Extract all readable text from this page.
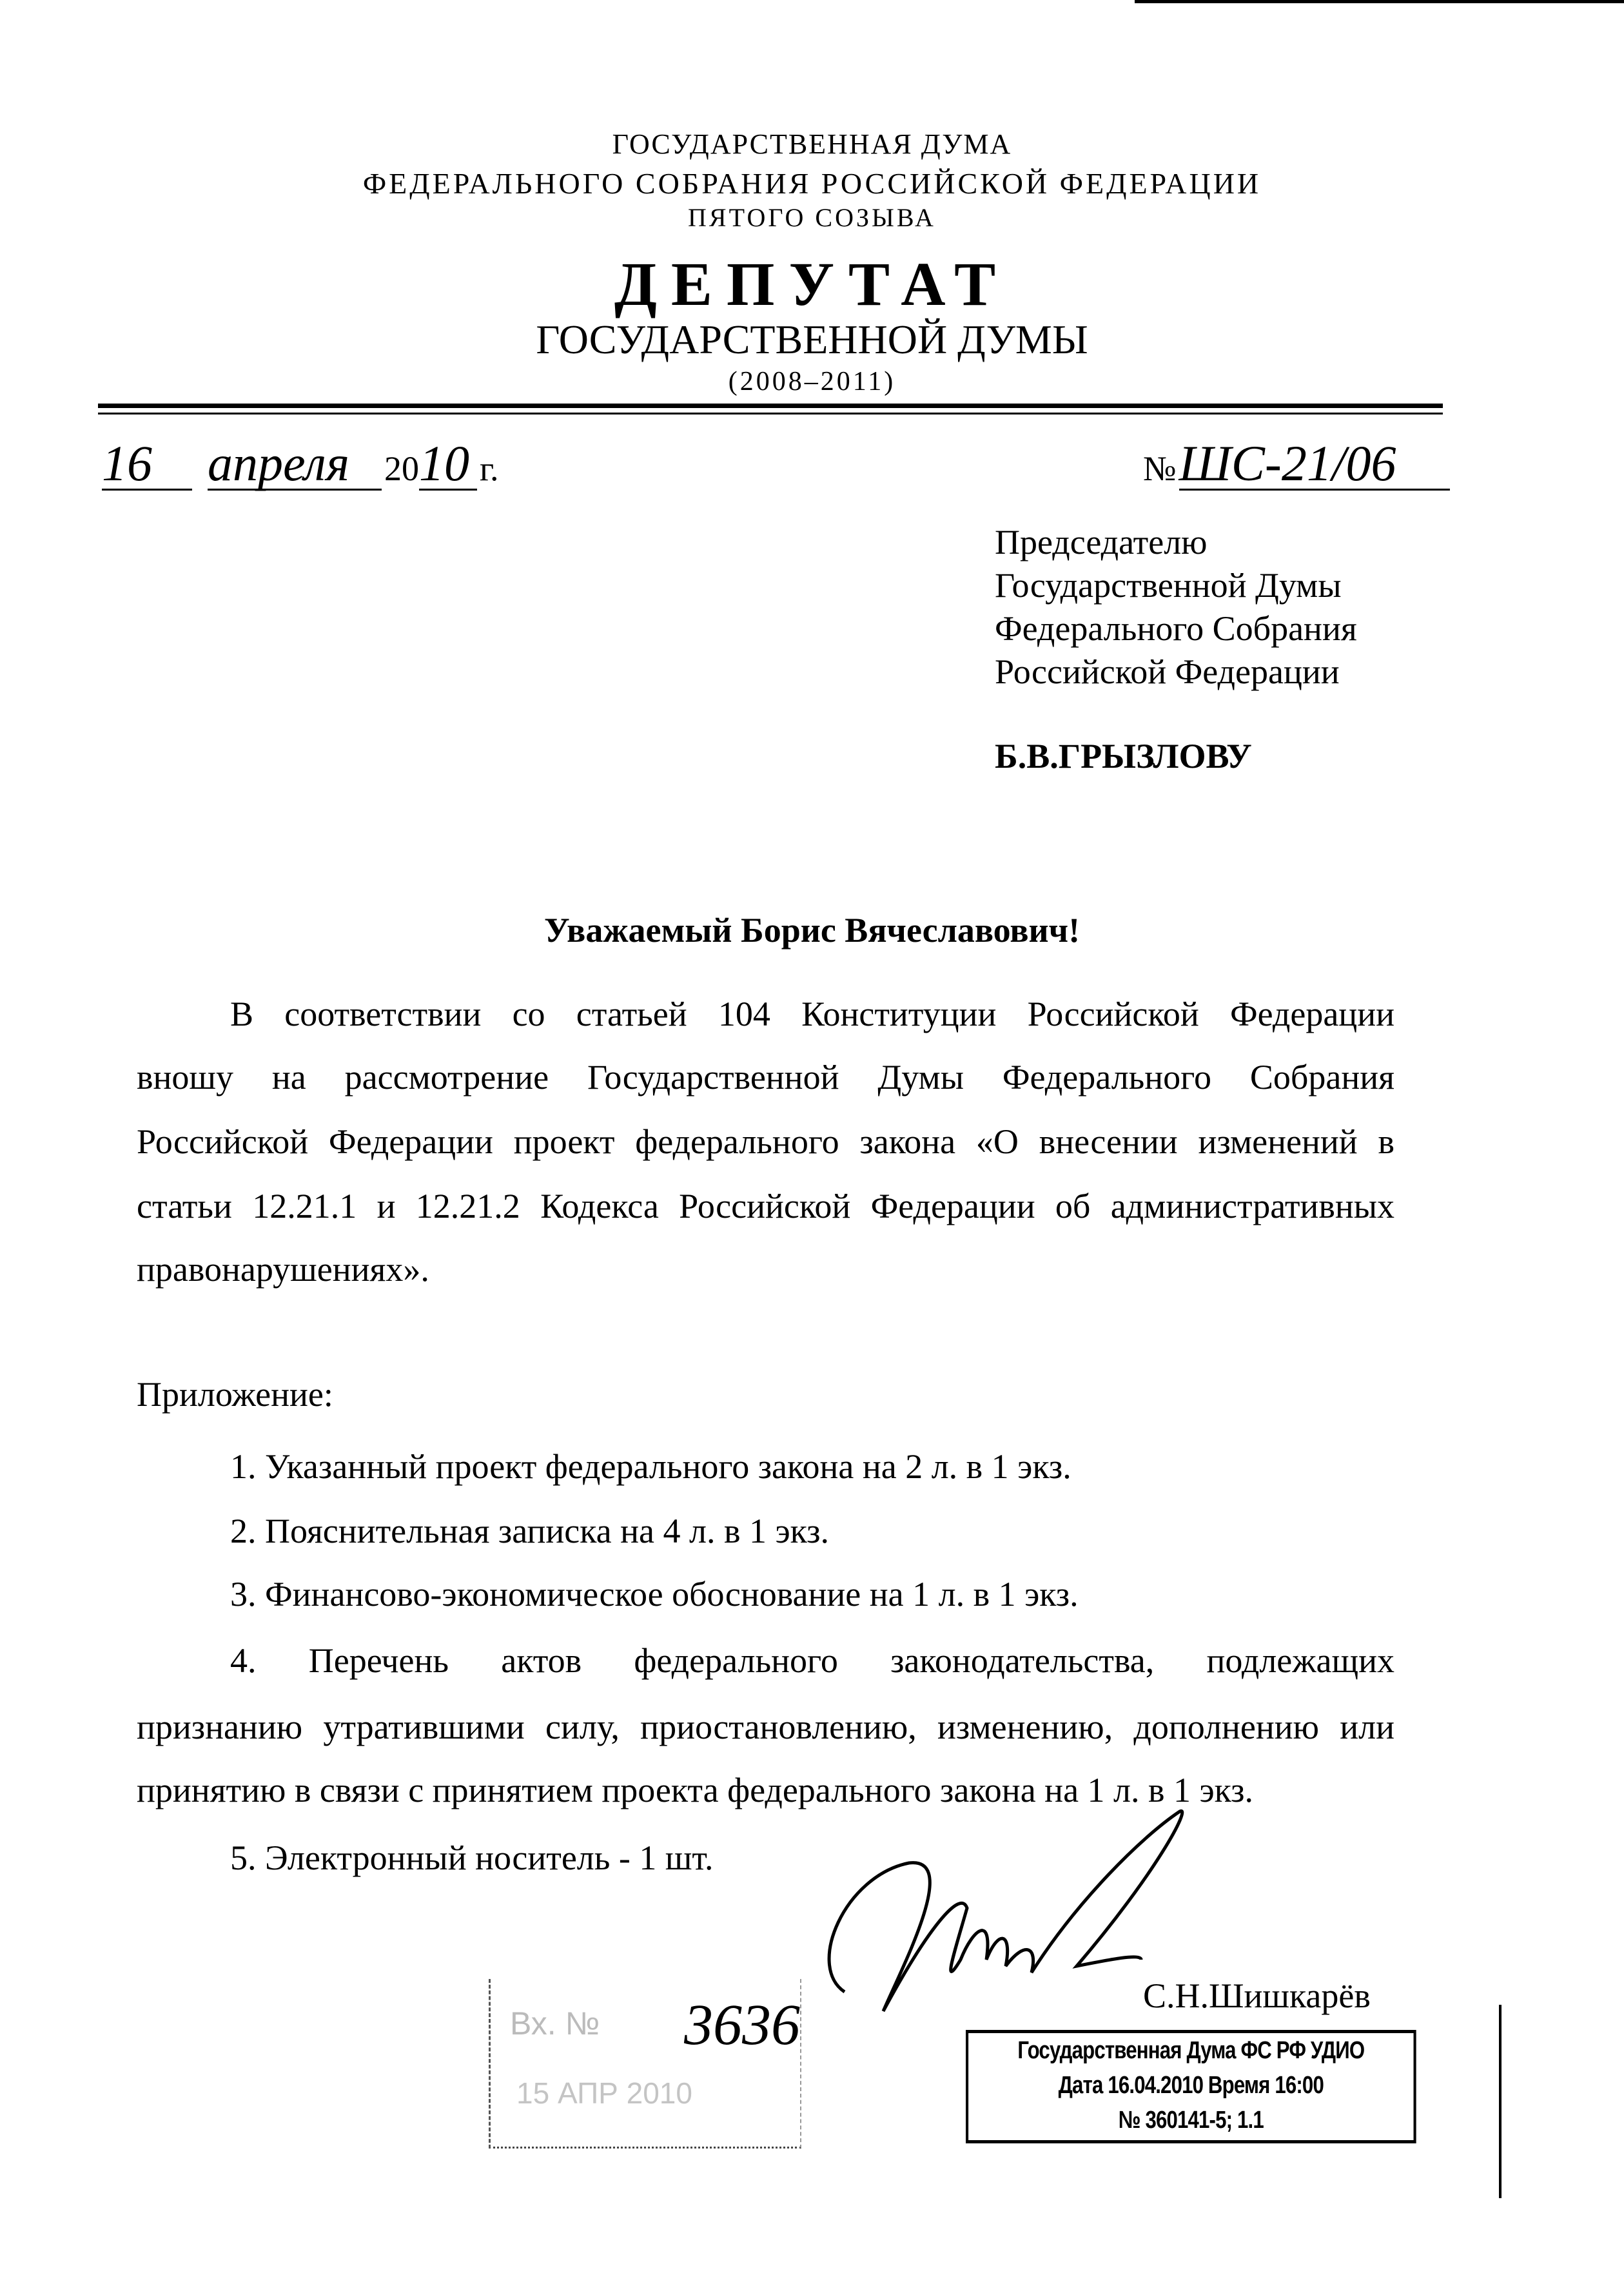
ГОСУДАРСТВЕННАЯ ДУМА
ФЕДЕРАЛЬНОГО СОБРАНИЯ РОССИЙСКОЙ ФЕДЕРАЦИИ
ПЯТОГО СОЗЫВА
ДЕПУТАТ
ГОСУДАРСТВЕННОЙ ДУМЫ
(2008–2011)
16 апреля 2010 г.	№ ШС-21/06
Председателю
Государственной Думы
Федерального Собрания
Российской Федерации
Б.В.ГРЫЗЛОВУ
Уважаемый Борис Вячеславович!
В соответствии со статьей 104 Конституции Российской Федерации
вношу на рассмотрение Государственной Думы Федерального Собрания
Российской Федерации проект федерального закона «О внесении изменений в
статьи 12.21.1 и 12.21.2 Кодекса Российской Федерации об административных
правонарушениях».
Приложение:
1. Указанный проект федерального закона на 2 л. в 1 экз.
2. Пояснительная записка на 4 л. в 1 экз.
3. Финансово-экономическое обоснование на 1 л. в 1 экз.
4. Перечень актов федерального законодательства, подлежащих
признанию утратившими силу, приостановлению, изменению, дополнению или
принятию в связи с принятием проекта федерального закона на 1 л. в 1 экз.
5. Электронный носитель - 1 шт.
Вх. № 3636
15 АПР 2010
С.Н.Шишкарёв
Государственная Дума ФС РФ УДИО
Дата 16.04.2010 Время 16:00
№ 360141-5; 1.1
